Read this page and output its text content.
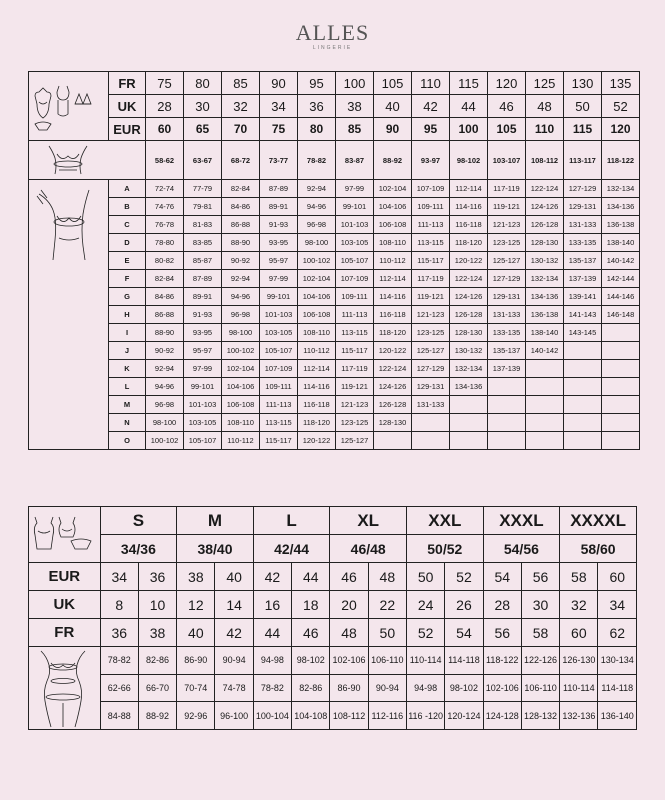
ALLES
LINGERIE
	FR	75	80	85	90	95	100	105	110	115	120	125	130	135
	UK	28	30	32	34	36	38	40	42	44	46	48	50	52
	EUR	60	65	70	75	80	85	90	95	100	105	110	115	120

	58-62	63-67	68-72	73-77	78-82	83-87	88-92	93-97	98-102	103-107	108-112	113-117	118-122

	A	72-74	77-79	82-84	87-89	92-94	97-99	102-104	107-109	112-114	117-119	122-124	127-129	132-134
	B	74-76	79-81	84-86	89-91	94-96	99-101	104-106	109-111	114-116	119-121	124-126	129-131	134-136
	C	76-78	81-83	86-88	91-93	96-98	101-103	106-108	111-113	116-118	121-123	126-128	131-133	136-138
	D	78-80	83-85	88-90	93-95	98-100	103-105	108-110	113-115	118-120	123-125	128-130	133-135	138-140
	E	80-82	85-87	90-92	95-97	100-102	105-107	110-112	115-117	120-122	125-127	130-132	135-137	140-142
	F	82-84	87-89	92-94	97-99	102-104	107-109	112-114	117-119	122-124	127-129	132-134	137-139	142-144
	G	84-86	89-91	94-96	99-101	104-106	109-111	114-116	119-121	124-126	129-131	134-136	139-141	144-146
	H	86-88	91-93	96-98	101-103	106-108	111-113	116-118	121-123	126-128	131-133	136-138	141-143	146-148
	I	88-90	93-95	98-100	103-105	108-110	113-115	118-120	123-125	128-130	133-135	138-140	143-145	
	J	90-92	95-97	100-102	105-107	110-112	115-117	120-122	125-127	130-132	135-137	140-142		
	K	92-94	97-99	102-104	107-109	112-114	117-119	122-124	127-129	132-134	137-139			
	L	94-96	99-101	104-106	109-111	114-116	119-121	124-126	129-131	134-136				
	M	96-98	101-103	106-108	111-113	116-118	121-123	126-128	131-133					
	N	98-100	103-105	108-110	113-115	118-120	123-125	128-130						
	O	100-102	105-107	110-112	115-117	120-122	125-127							
	S		M		L		XL		XXL		XXXL		XXXXL	
	34/36		38/40		42/44		46/48		50/52		54/56		58/60	
EUR	34	36	38	40	42	44	46	48	50	52	54	56	58	60
UK	8	10	12	14	16	18	20	22	24	26	28	30	32	34
FR	36	38	40	42	44	46	48	50	52	54	56	58	60	62

	78-82	82-86	86-90	90-94	94-98	98-102	102-106	106-110	110-114	114-118	118-122	122-126	126-130	130-134
	62-66	66-70	70-74	74-78	78-82	82-86	86-90	90-94	94-98	98-102	102-106	106-110	110-114	114-118
	84-88	88-92	92-96	96-100	100-104	104-108	108-112	112-116	116 -120	120-124	124-128	128-132	132-136	136-140
